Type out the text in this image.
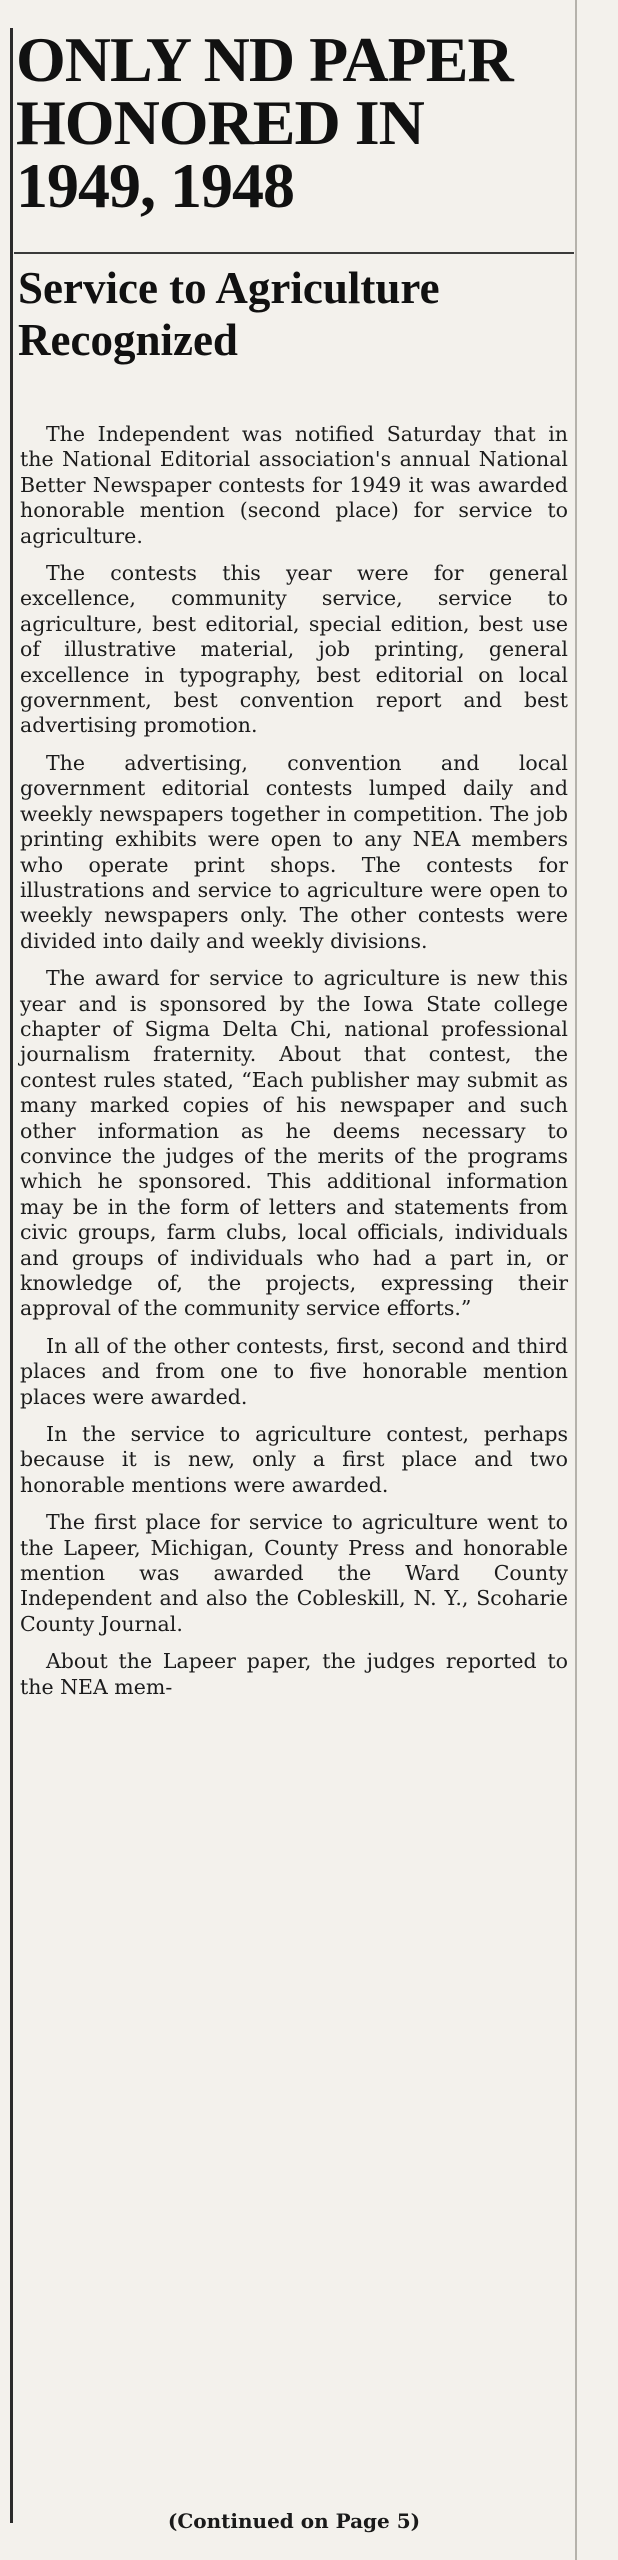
ONLY ND PAPER HONORED IN 1949, 1948
Service to Agriculture Recognized

The Independent was notified Saturday that in the National Editorial association's annual National Better Newspaper contests for 1949 it was awarded honorable mention (second place) for service to agriculture.

The contests this year were for general excellence, community service, service to agriculture, best editorial, special edition, best use of illustrative material, job printing, general excellence in typography, best editorial on local government, best convention report and best advertising promotion.

The advertising, convention and local government editorial contests lumped daily and weekly newspapers together in competition. The job printing exhibits were open to any NEA members who operate print shops. The contests for illustrations and service to agriculture were open to weekly newspapers only. The other contests were divided into daily and weekly divisions.

The award for service to agriculture is new this year and is sponsored by the Iowa State college chapter of Sigma Delta Chi, national professional journalism fraternity. About that contest, the contest rules stated, “Each publisher may submit as many marked copies of his newspaper and such other information as he deems necessary to convince the judges of the merits of the programs which he sponsored. This additional information may be in the form of letters and statements from civic groups, farm clubs, local officials, individuals and groups of individuals who had a part in, or knowledge of, the projects, expressing their approval of the community service efforts.”

In all of the other contests, first, second and third places and from one to five honorable mention places were awarded.

In the service to agriculture contest, perhaps because it is new, only a first place and two honorable mentions were awarded.

The first place for service to agriculture went to the Lapeer, Michigan, County Press and honorable mention was awarded the Ward County Independent and also the Cobleskill, N. Y., Scoharie County Journal.

About the Lapeer paper, the judges reported to the NEA mem-

(Continued on Page 5)
